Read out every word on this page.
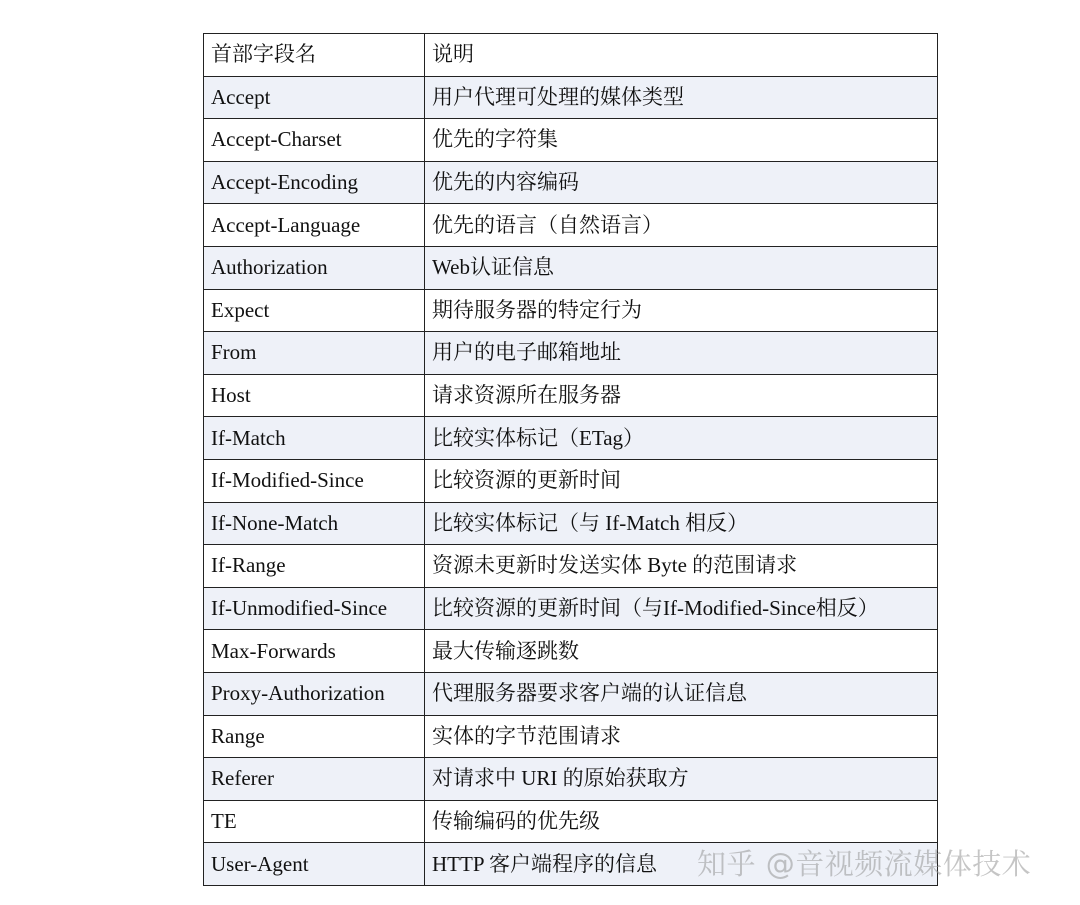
首部字段名	说明
Accept	用户代理可处理的媒体类型
Accept-Charset	优先的字符集
Accept-Encoding	优先的内容编码
Accept-Language	优先的语言（自然语言）
Authorization	Web认证信息
Expect	期待服务器的特定行为
From	用户的电子邮箱地址
Host	请求资源所在服务器
If-Match	比较实体标记（ETag）
If-Modified-Since	比较资源的更新时间
If-None-Match	比较实体标记（与 If-Match 相反）
If-Range	资源未更新时发送实体 Byte 的范围请求
If-Unmodified-Since	比较资源的更新时间（与If-Modified-Since相反）
Max-Forwards	最大传输逐跳数
Proxy-Authorization	代理服务器要求客户端的认证信息
Range	实体的字节范围请求
Referer	对请求中 URI 的原始获取方
TE	传输编码的优先级
User-Agent	HTTP 客户端程序的信息 知乎 @音视频流媒体技术
